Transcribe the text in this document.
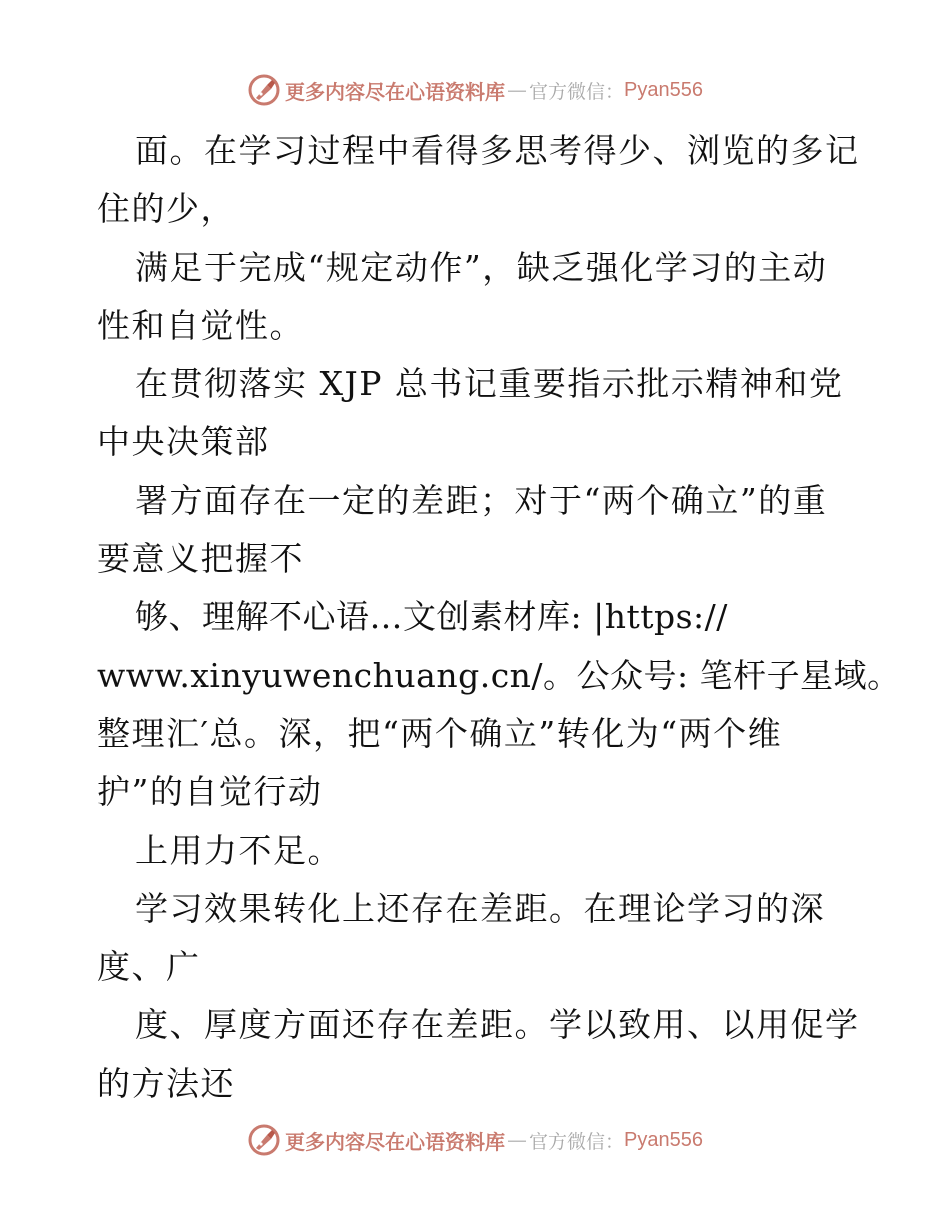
更多内容尽在心语资料库 — 官方微信： Pyan556
面。在学习过程中看得多思考得少、浏览的多记
住的少，
满足于完成“规定动作”，缺乏强化学习的主动
性和自觉性。
在贯彻落实 XJP 总书记重要指示批示精神和党
中央决策部
署方面存在一定的差距；对于“两个确立”的重
要意义把握不
够、理解不心语…文创素材库: |https://
www.xinyuwenchuang.cn/。公众号: 笔杆子星域。
整理汇′总。深，把“两个确立”转化为“两个维
护”的自觉行动
上用力不足。
学习效果转化上还存在差距。在理论学习的深
度、广
度、厚度方面还存在差距。学以致用、以用促学
的方法还
更多内容尽在心语资料库 — 官方微信： Pyan556
